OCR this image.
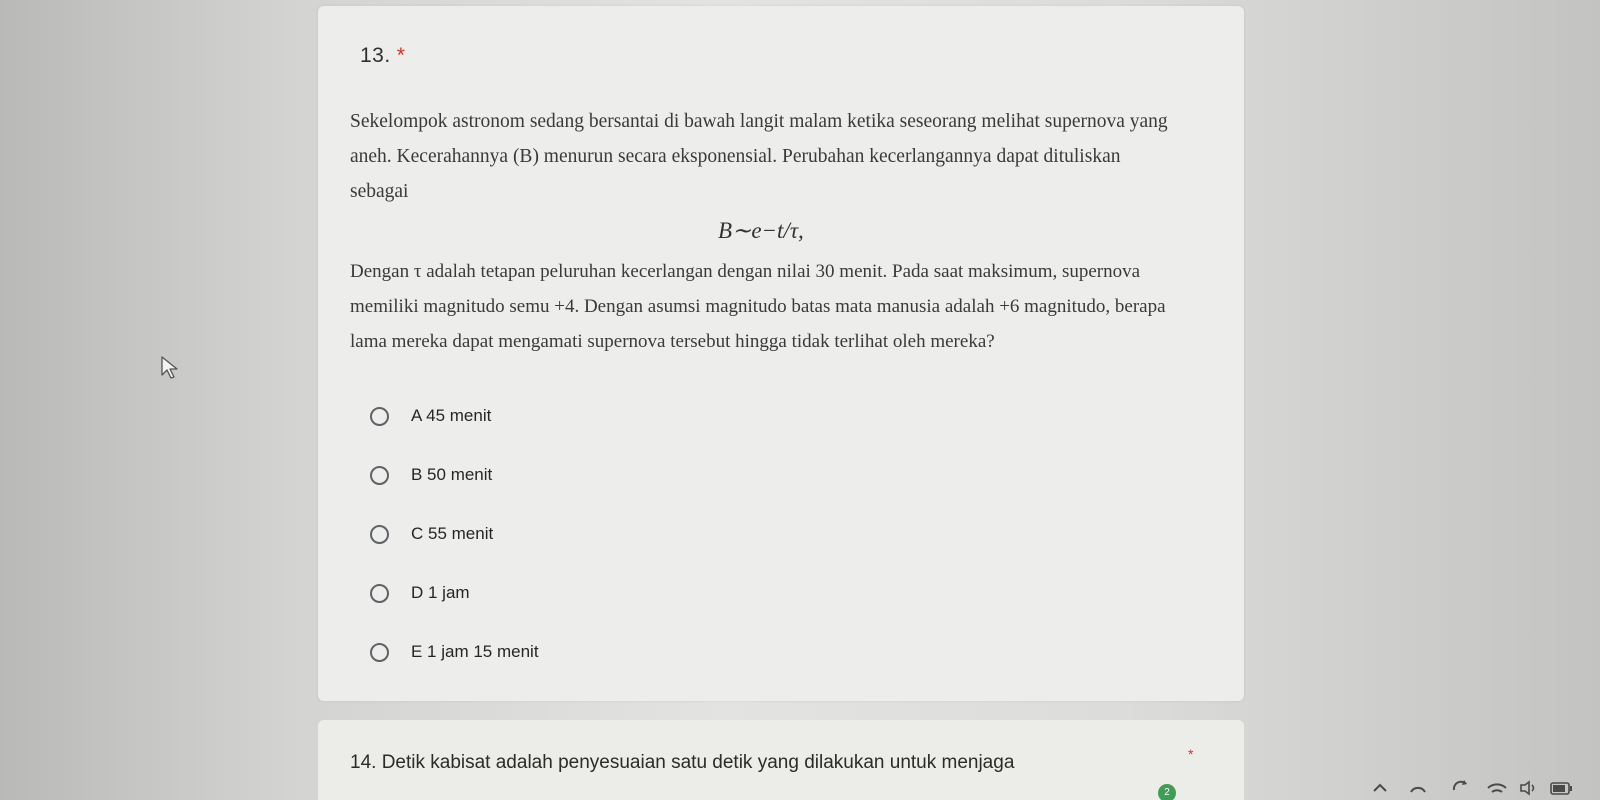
13. *
Sekelompok astronom sedang bersantai di bawah langit malam ketika seseorang melihat supernova yang aneh. Kecerahannya (B) menurun secara eksponensial. Perubahan kecerlangannya dapat dituliskan sebagai
B∼e−t/τ,
Dengan τ adalah tetapan peluruhan kecerlangan dengan nilai 30 menit. Pada saat maksimum, supernova memiliki magnitudo semu +4. Dengan asumsi magnitudo batas mata manusia adalah +6 magnitudo, berapa lama mereka dapat mengamati supernova tersebut hingga tidak terlihat oleh mereka?
A 45 menit
B 50 menit
C 55 menit
D 1 jam
E 1 jam 15 menit
14. Detik kabisat adalah penyesuaian satu detik yang dilakukan untuk menjaga	*
2
